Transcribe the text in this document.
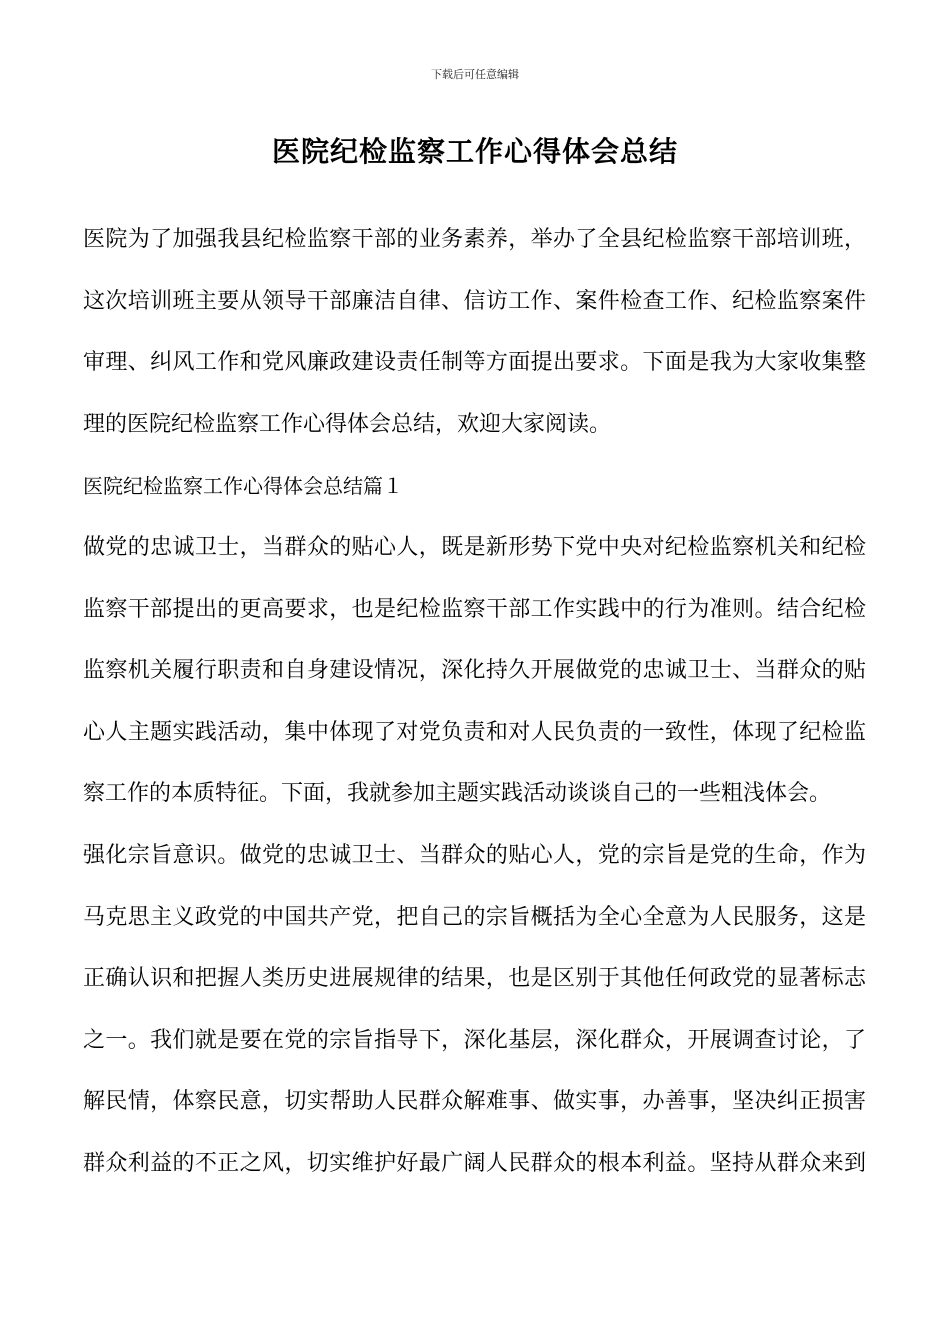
下载后可任意编辑
医院纪检监察工作心得体会总结
医院为了加强我县纪检监察干部的业务素养，举办了全县纪检监察干部培训班，
这次培训班主要从领导干部廉洁自律、信访工作、案件检查工作、纪检监察案件
审理、纠风工作和党风廉政建设责任制等方面提出要求。下面是我为大家收集整
理的医院纪检监察工作心得体会总结，欢迎大家阅读。
医院纪检监察工作心得体会总结篇１
做党的忠诚卫士，当群众的贴心人，既是新形势下党中央对纪检监察机关和纪检
监察干部提出的更高要求，也是纪检监察干部工作实践中的行为准则。结合纪检
监察机关履行职责和自身建设情况，深化持久开展做党的忠诚卫士、当群众的贴
心人主题实践活动，集中体现了对党负责和对人民负责的一致性，体现了纪检监
察工作的本质特征。下面，我就参加主题实践活动谈谈自己的一些粗浅体会。
强化宗旨意识。做党的忠诚卫士、当群众的贴心人，党的宗旨是党的生命，作为
马克思主义政党的中国共产党，把自己的宗旨概括为全心全意为人民服务，这是
正确认识和把握人类历史进展规律的结果，也是区别于其他任何政党的显著标志
之一。我们就是要在党的宗旨指导下，深化基层，深化群众，开展调查讨论，了
解民情，体察民意，切实帮助人民群众解难事、做实事，办善事，坚决纠正损害
群众利益的不正之风，切实维护好最广阔人民群众的根本利益。坚持从群众来到
